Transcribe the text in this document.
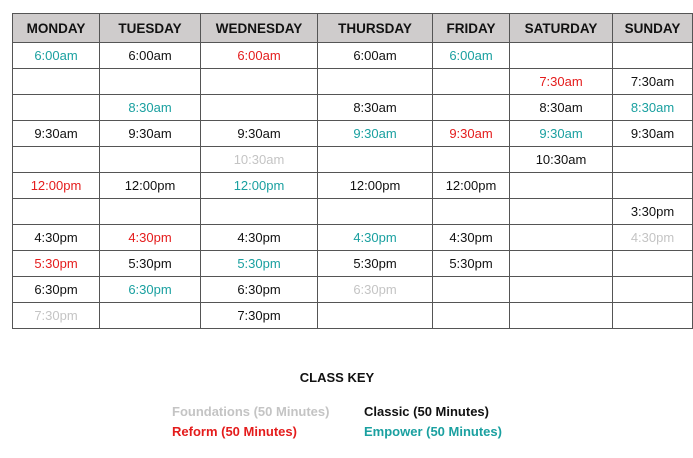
MONDAY	TUESDAY	WEDNESDAY	THURSDAY	FRIDAY	SATURDAY	SUNDAY
6:00am	6:00am	6:00am	6:00am	6:00am		
					7:30am	7:30am
	8:30am		8:30am		8:30am	8:30am
9:30am	9:30am	9:30am	9:30am	9:30am	9:30am	9:30am
		10:30am			10:30am	
12:00pm	12:00pm	12:00pm	12:00pm	12:00pm		
						3:30pm
4:30pm	4:30pm	4:30pm	4:30pm	4:30pm		4:30pm
5:30pm	5:30pm	5:30pm	5:30pm	5:30pm		
6:30pm	6:30pm	6:30pm	6:30pm			
7:30pm		7:30pm				
CLASS KEY
Foundations (50 Minutes)	Classic (50 Minutes)
Reform (50 Minutes)	Empower (50 Minutes)
